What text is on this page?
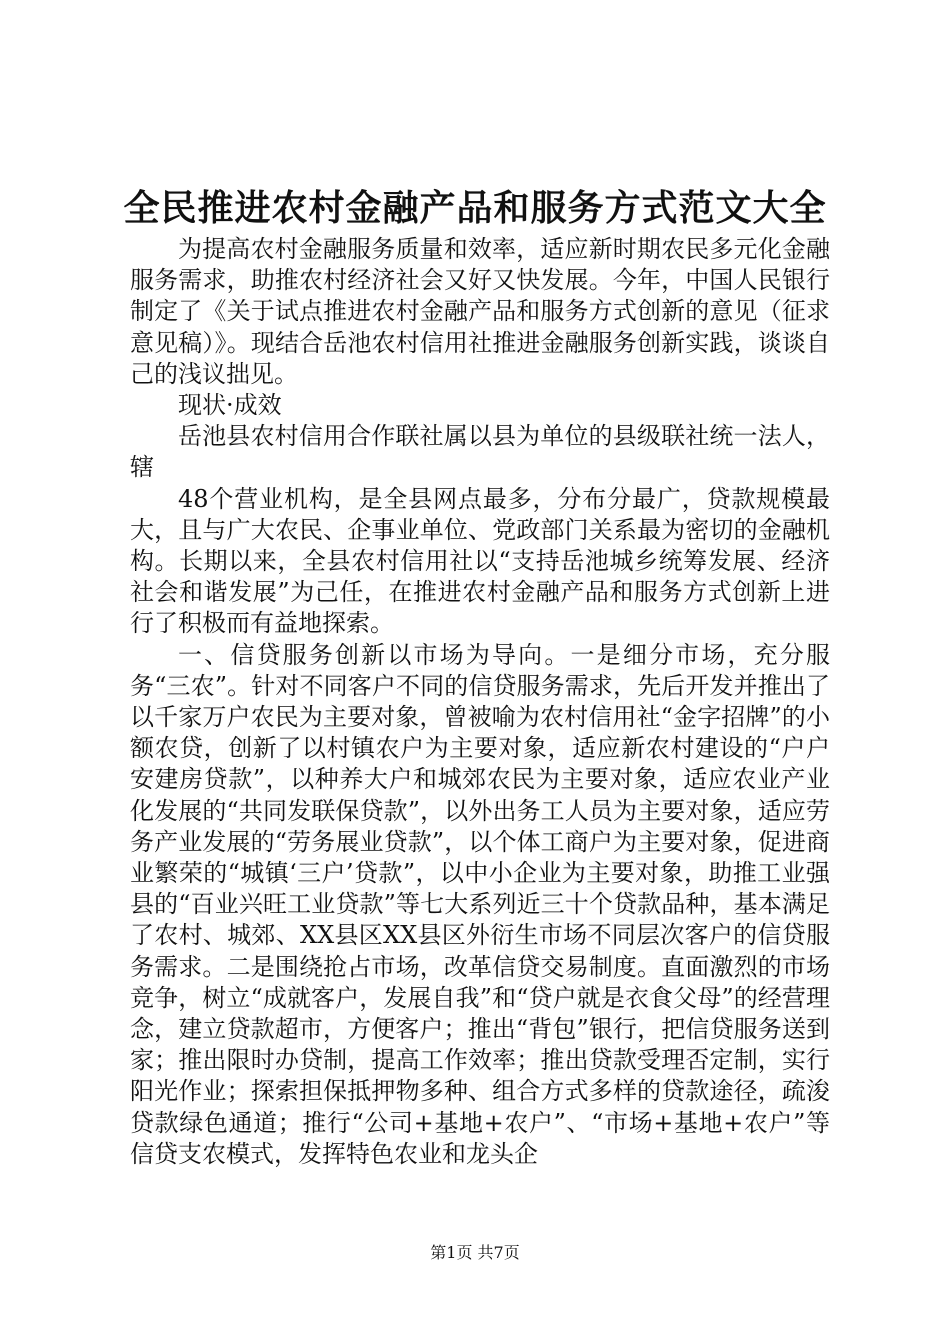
全民推进农村金融产品和服务方式范文大全

为提高农村金融服务质量和效率，适应新时期农民多元化金融服务需求，助推农村经济社会又好又快发展。今年，中国人民银行制定了《关于试点推进农村金融产品和服务方式创新的意见（征求意见稿）》。现结合岳池农村信用社推进金融服务创新实践，谈谈自己的浅议拙见。

现状·成效

岳池县农村信用合作联社属以县为单位的县级联社统一法人，辖

48个营业机构，是全县网点最多，分布分最广，贷款规模最大，且与广大农民、企事业单位、党政部门关系最为密切的金融机构。长期以来，全县农村信用社以“支持岳池城乡统筹发展、经济社会和谐发展”为己任，在推进农村金融产品和服务方式创新上进行了积极而有益地探索。

一、信贷服务创新以市场为导向。一是细分市场，充分服务“三农”。针对不同客户不同的信贷服务需求，先后开发并推出了以千家万户农民为主要对象，曾被喻为农村信用社“金字招牌”的小额农贷，创新了以村镇农户为主要对象，适应新农村建设的“户户安建房贷款”，以种养大户和城郊农民为主要对象，适应农业产业化发展的“共同发联保贷款”，以外出务工人员为主要对象，适应劳务产业发展的“劳务展业贷款”，以个体工商户为主要对象，促进商业繁荣的“城镇‘三户’贷款”，以中小企业为主要对象，助推工业强县的“百业兴旺工业贷款”等七大系列近三十个贷款品种，基本满足了农村、城郊、XX县区XX县区外衍生市场不同层次客户的信贷服务需求。二是围绕抢占市场，改革信贷交易制度。直面激烈的市场竞争，树立“成就客户，发展自我”和“贷户就是衣食父母”的经营理念，建立贷款超市，方便客户；推出“背包”银行，把信贷服务送到家；推出限时办贷制，提高工作效率；推出贷款受理否定制，实行阳光作业；探索担保抵押物多种、组合方式多样的贷款途径，疏浚贷款绿色通道；推行“公司+基地+农户”、“市场+基地+农户”等信贷支农模式，发挥特色农业和龙头企

第1页 共7页
